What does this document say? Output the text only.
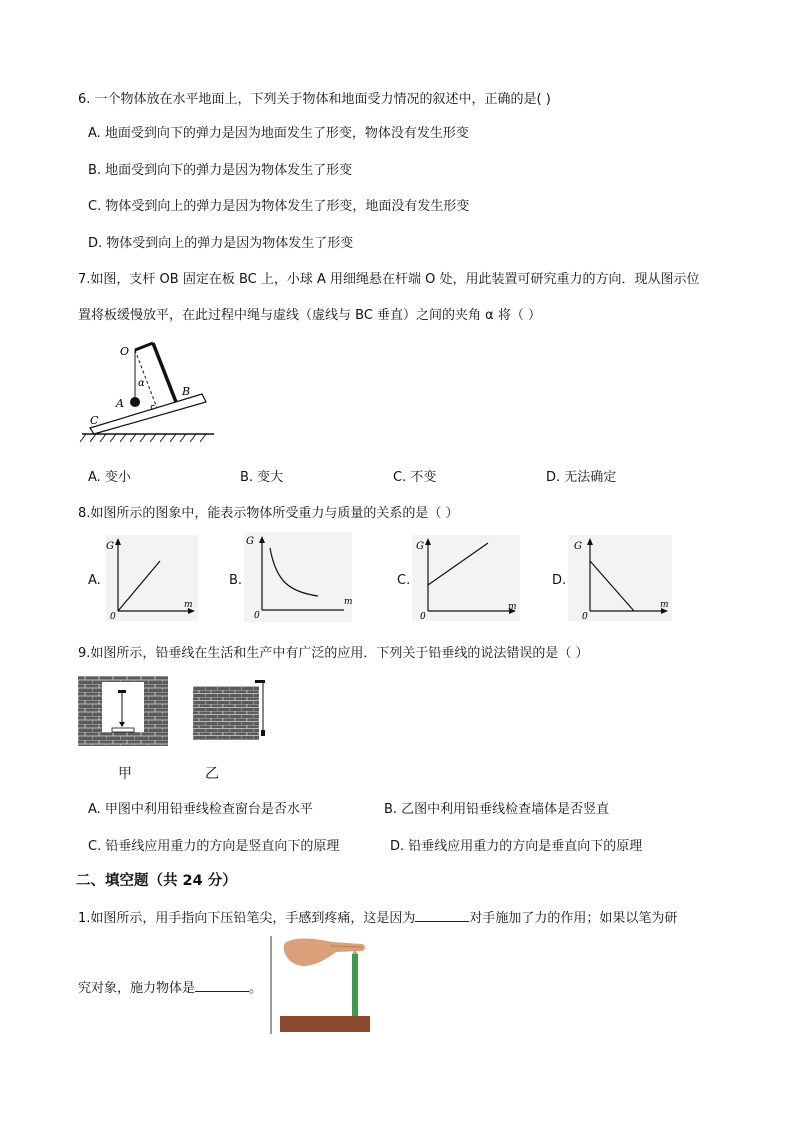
6. 一个物体放在水平地面上，下列关于物体和地面受力情况的叙述中，正确的是( )
A. 地面受到向下的弹力是因为地面发生了形变，物体没有发生形变
B. 地面受到向下的弹力是因为物体发生了形变
C. 物体受到向上的弹力是因为物体发生了形变，地面没有发生形变
D. 物体受到向上的弹力是因为物体发生了形变
7.如图，支杆 OB 固定在板 BC 上，小球 A 用细绳悬在杆端 O 处，用此装置可研究重力的方向．现从图示位
置将板缓慢放平，在此过程中绳与虚线（虚线与 BC 垂直）之间的夹角 α 将（ ）
O
A
B
C
α
A. 变小	B. 变大	C. 不变	D. 无法确定
8.如图所示的图象中，能表示物体所受重力与质量的关系的是（ ）
A.
G
m
0
B.
G
m
0
C.
G
m
0
D.
G
m
0
9.如图所示，铅垂线在生活和生产中有广泛的应用．下列关于铅垂线的说法错误的是（ ）
甲	乙
A. 甲图中利用铅垂线检查窗台是否水平	B. 乙图中利用铅垂线检查墙体是否竖直
C. 铅垂线应用重力的方向是竖直向下的原理	D. 铅垂线应用重力的方向是垂直向下的原理
二、填空题（共 24 分）
1.如图所示，用手指向下压铅笔尖，手感到疼痛，这是因为	对手施加了力的作用；如果以笔为研
究对象，施力物体是	。
